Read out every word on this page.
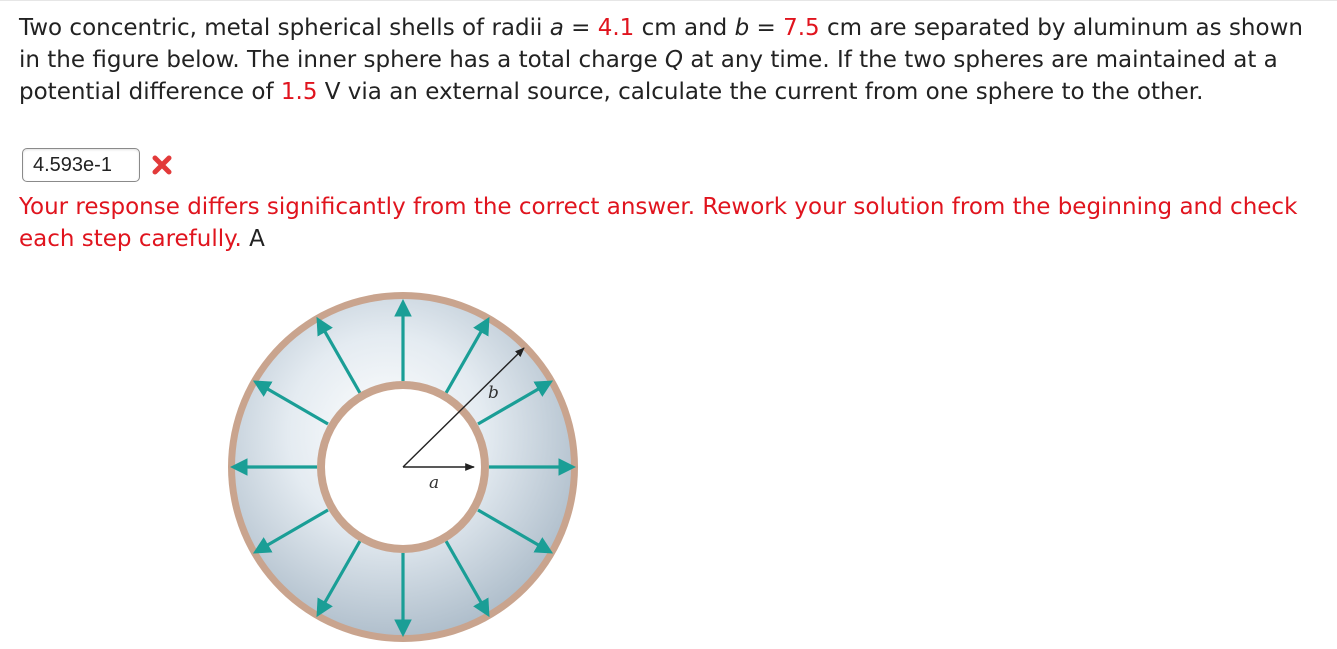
Two concentric, metal spherical shells of radii a = 4.1 cm and b = 7.5 cm are separated by aluminum as shown in the figure below. The inner sphere has a total charge Q at any time. If the two spheres are maintained at a potential difference of 1.5 V via an external source, calculate the current from one sphere to the other.

4.593e-1

Your response differs significantly from the correct answer. Rework your solution from the beginning and check each step carefully. A

a
b
